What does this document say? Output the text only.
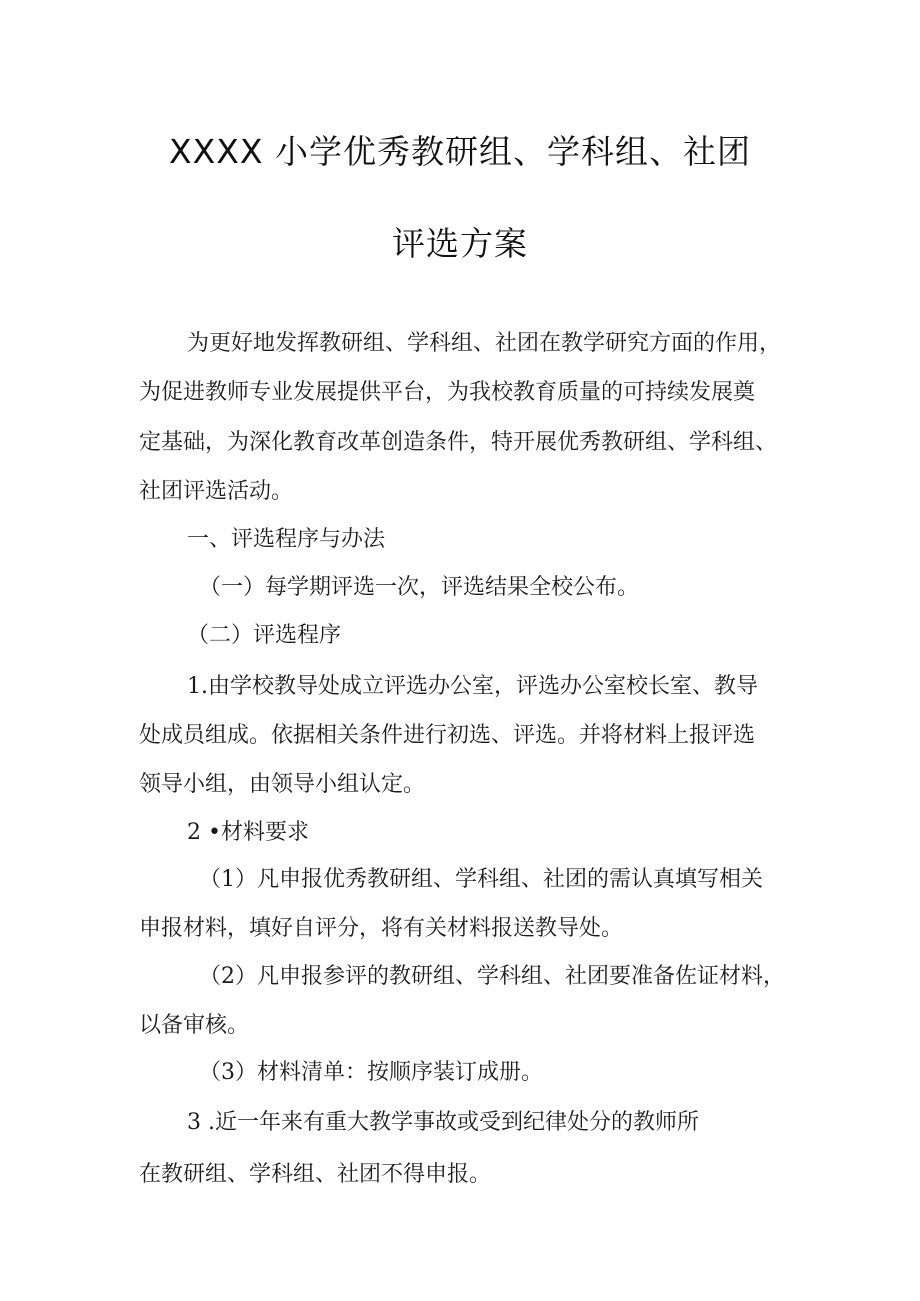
XXXX 小学优秀教研组、学科组、社团
评选方案

为更好地发挥教研组、学科组、社团在教学研究方面的作用，

为促进教师专业发展提供平台，为我校教育质量的可持续发展奠

定基础，为深化教育改革创造条件，特开展优秀教研组、学科组、

社团评选活动。

一、评选程序与办法

（一）每学期评选一次，评选结果全校公布。

（二）评选程序

1.由学校教导处成立评选办公室，评选办公室校长室、教导

处成员组成。依据相关条件进行初选、评选。并将材料上报评选

领导小组，由领导小组认定。

2 •材料要求

（1）凡申报优秀教研组、学科组、社团的需认真填写相关

申报材料，填好自评分，将有关材料报送教导处。

（2）凡申报参评的教研组、学科组、社团要准备佐证材料，

以备审核。

（3）材料清单：按顺序装订成册。

3 .近一年来有重大教学事故或受到纪律处分的教师所

在教研组、学科组、社团不得申报。
